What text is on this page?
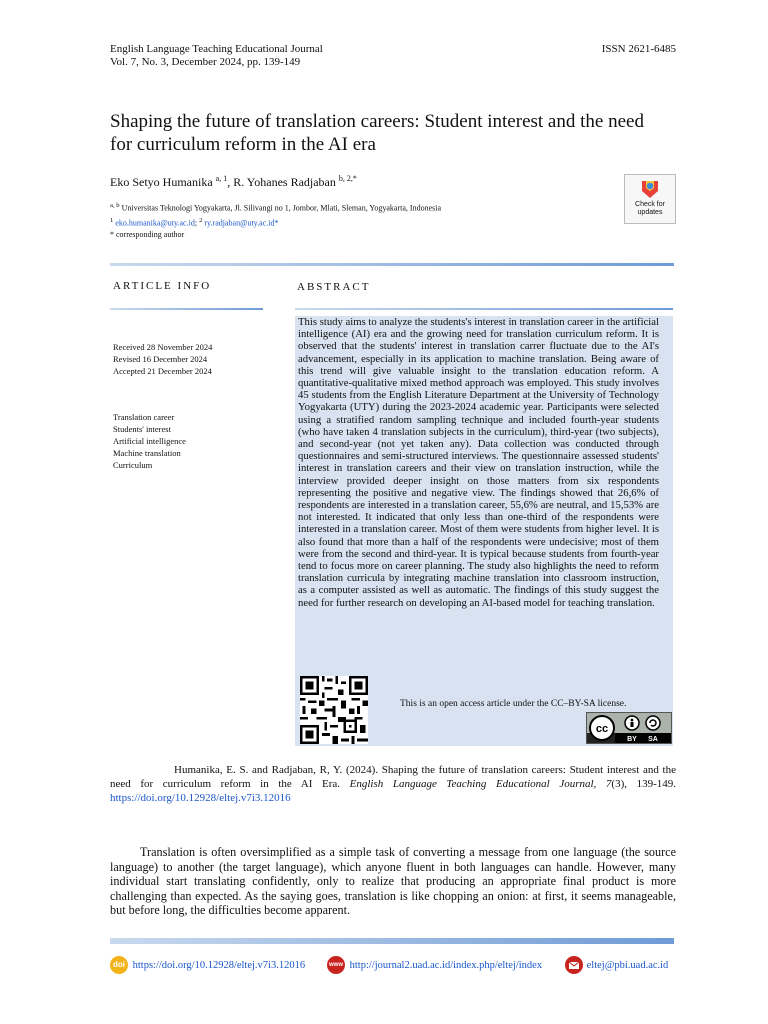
English Language Teaching Educational Journal
Vol. 7, No. 3, December 2024, pp. 139-149
ISSN 2621-6485
Shaping the future of translation careers: Student interest and the need for curriculum reform in the AI era
Eko Setyo Humanika $^{a, 1}$, R. Yohanes Radjaban $^{b, 2,*}$
$^{a, b}$ Universitas Teknologi Yogyakarta, Jl. Silivangi no 1, Jombor, Mlati, Sleman, Yogyakarta, Indonesia
$^1$ eko.humanika@uty.ac.id; $^2$ ry.radjaban@uty.ac.id*
* corresponding author
Check for updates
ARTICLE INFO
Received 28 November 2024
Revised 16 December 2024
Accepted 21 December 2024
Translation career
Students' interest
Artificial intelligence
Machine translation
Curriculum
ABSTRACT
This study aims to analyze the students's interest in translation career in the artificial intelligence (AI) era and the growing need for translation curriculum reform. It is observed that the students' interest in translation carrer fluctuate due to the AI's advancement, especially in its application to machine translation. Being aware of this trend will give valuable insight to the translation education reform. A quantitative-qualitative mixed method approach was employed. This study involves 45 students from the English Literature Department at the University of Technology Yogyakarta (UTY) during the 2023-2024 academic year. Participants were selected using a stratified random sampling technique and included fourth-year students (who have taken 4 translation subjects in the curriculum), third-year (two subjects), and second-year (not yet taken any). Data collection was conducted through questionnaires and semi-structured interviews. The questionnaire assessed students' interest in translation careers and their view on translation instruction, while the interview provided deeper insight on those matters from six respondents representing the positive and negative view. The findings showed that 26,6% of respondents are interested in a translation career, 55,6% are neutral, and 15,53% are not interested. It indicated that only less than one-third of the respondents were interested in a translation career. Most of them were students from higher level. It is also found that more than a half of the respondents were undecisive; most of them were from the second and third-year. It is typical because students from fourth-year tend to focus more on career planning. The study also highlights the need to reform translation curricula by integrating machine translation into classroom instruction, as a computer assisted as well as automatic. The findings of this study suggest the need for further research on developing an AI-based model for teaching translation.
This is an open access article under the CC–BY-SA license.
cc
BY SA
Humanika, E. S. and Radjaban, R, Y. (2024). Shaping the future of translation careers: Student interest and the need for curriculum reform in the AI Era. English Language Teaching Educational Journal, 7(3), 139-149. https://doi.org/10.12928/eltej.v7i3.12016
Translation is often oversimplified as a simple task of converting a message from one language (the source language) to another (the target language), which anyone fluent in both languages can handle. However, many individual start translating confidently, only to realize that producing an appropriate final product is more challenging than expected. As the saying goes, translation is like chopping an onion: at first, it seems manageable, but before long, the difficulties become apparent.
doi https://doi.org/10.12928/eltej.v7i3.12016	www http://journal2.uad.ac.id/index.php/eltej/index	eltej@pbi.uad.ac.id
